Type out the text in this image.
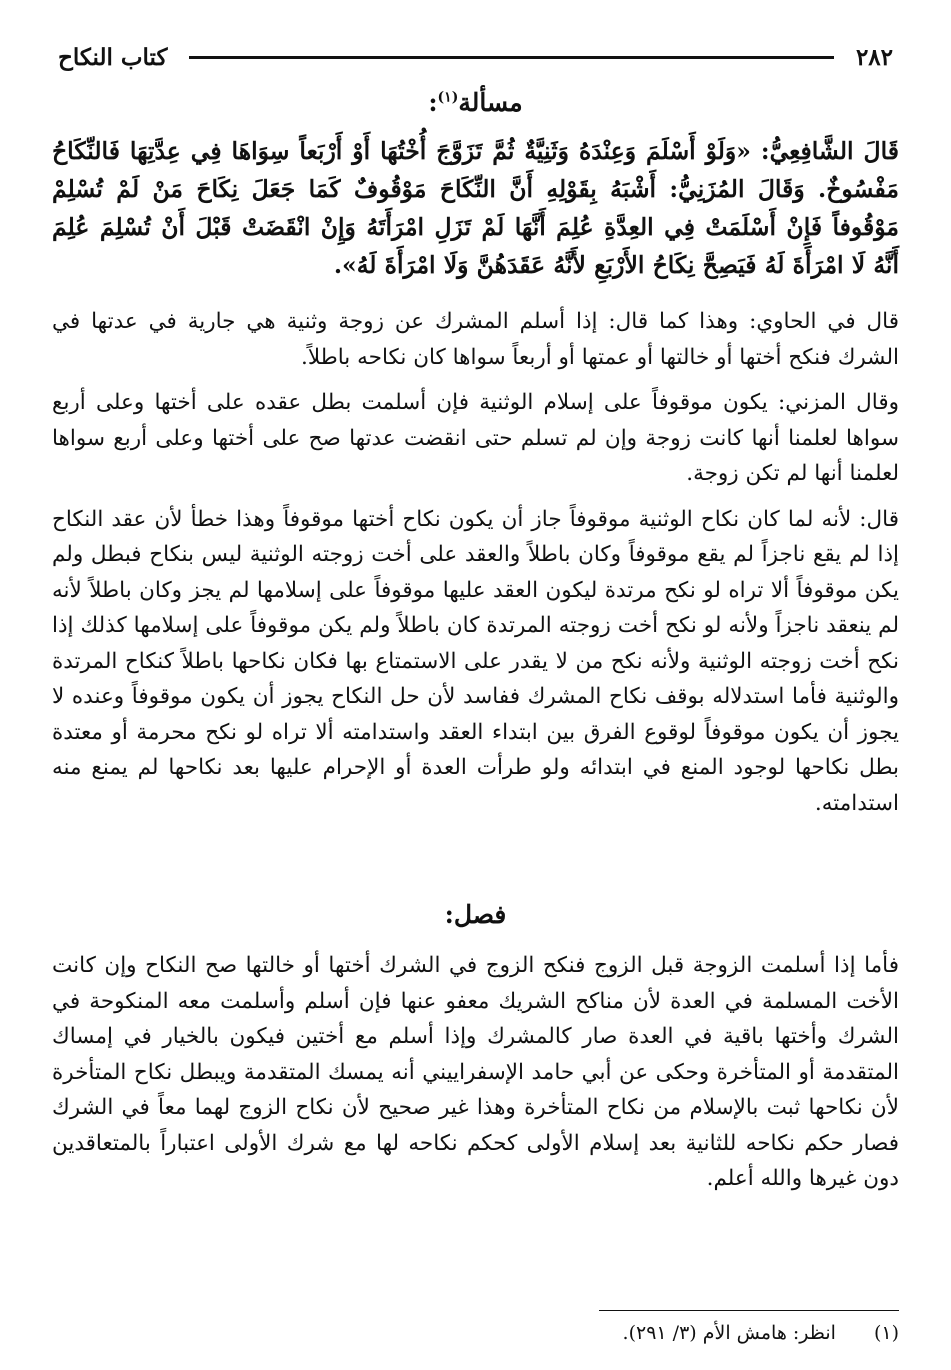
٢٨٢
كتاب النكاح
مسألة$^{(١)}$:
قَالَ الشَّافِعِيُّ: «وَلَوْ أَسْلَمَ وَعِنْدَهُ وَثَنِيَّةٌ ثُمَّ تَزَوَّجَ أُخْتُهَا أَوْ أَرْبَعاً سِوَاهَا فِي عِدَّتِهَا فَالنِّكَاحُ مَفْسُوخٌ. وَقَالَ المُزَنِيُّ: أَشْبَهُ بِقَوْلِهِ أَنَّ النِّكَاحَ مَوْقُوفٌ كَمَا جَعَلَ نِكَاحَ مَنْ لَمْ تُسْلِمْ مَوْقُوفاً فَإِنْ أَسْلَمَتْ فِي العِدَّةِ عُلِمَ أَنَّهَا لَمْ تَزَلِ امْرَأَتَهُ وَإِنْ انْقَضَتْ قَبْلَ أَنْ تُسْلِمَ عُلِمَ أَنَّهُ لَا امْرَأَةَ لَهُ فَيَصِحَّ نِكَاحُ الأَرْبَعِ لأَنَّهُ عَقَدَهُنَّ وَلَا امْرَأَةَ لَهُ».

قال في الحاوي: وهذا كما قال: إذا أسلم المشرك عن زوجة وثنية هي جارية في عدتها في الشرك فنكح أختها أو خالتها أو عمتها أو أربعاً سواها كان نكاحه باطلاً.

وقال المزني: يكون موقوفاً على إسلام الوثنية فإن أسلمت بطل عقده على أختها وعلى أربع سواها لعلمنا أنها كانت زوجة وإن لم تسلم حتى انقضت عدتها صح على أختها وعلى أربع سواها لعلمنا أنها لم تكن زوجة.

قال: لأنه لما كان نكاح الوثنية موقوفاً جاز أن يكون نكاح أختها موقوفاً وهذا خطأ لأن عقد النكاح إذا لم يقع ناجزاً لم يقع موقوفاً وكان باطلاً والعقد على أخت زوجته الوثنية ليس بنكاح فبطل ولم يكن موقوفاً ألا تراه لو نكح مرتدة ليكون العقد عليها موقوفاً على إسلامها لم يجز وكان باطلاً لأنه لم ينعقد ناجزاً ولأنه لو نكح أخت زوجته المرتدة كان باطلاً ولم يكن موقوفاً على إسلامها كذلك إذا نكح أخت زوجته الوثنية ولأنه نكح من لا يقدر على الاستمتاع بها فكان نكاحها باطلاً كنكاح المرتدة والوثنية فأما استدلاله بوقف نكاح المشرك ففاسد لأن حل النكاح يجوز أن يكون موقوفاً وعنده لا يجوز أن يكون موقوفاً لوقوع الفرق بين ابتداء العقد واستدامته ألا تراه لو نكح محرمة أو معتدة بطل نكاحها لوجود المنع في ابتدائه ولو طرأت العدة أو الإحرام عليها بعد نكاحها لم يمنع منه استدامته.

فصل:

فأما إذا أسلمت الزوجة قبل الزوج فنكح الزوج في الشرك أختها أو خالتها صح النكاح وإن كانت الأخت المسلمة في العدة لأن مناكح الشريك معفو عنها فإن أسلم وأسلمت معه المنكوحة في الشرك وأختها باقية في العدة صار كالمشرك وإذا أسلم مع أختين فيكون بالخيار في إمساك المتقدمة أو المتأخرة وحكى عن أبي حامد الإسفراييني أنه يمسك المتقدمة ويبطل نكاح المتأخرة لأن نكاحها ثبت بالإسلام من نكاح المتأخرة وهذا غير صحيح لأن نكاح الزوج لهما معاً في الشرك فصار حكم نكاحه للثانية بعد إسلام الأولى كحكم نكاحه لها مع شرك الأولى اعتباراً بالمتعاقدين دون غيرها والله أعلم.

(١)انظر: هامش الأم (٣/ ٢٩١).
